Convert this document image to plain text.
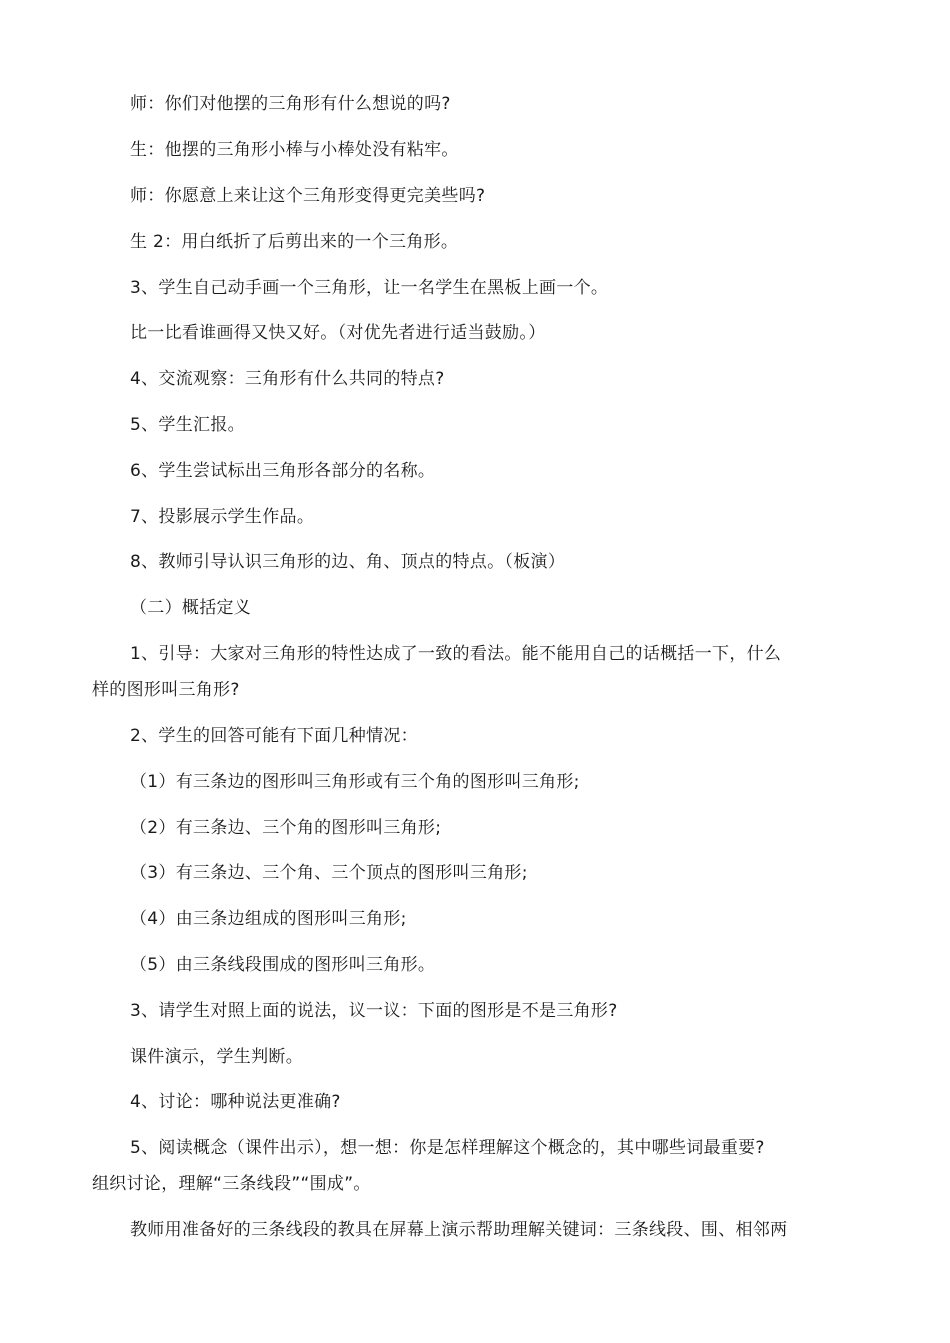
师：你们对他摆的三角形有什么想说的吗?
生：他摆的三角形小棒与小棒处没有粘牢。
师：你愿意上来让这个三角形变得更完美些吗?
生 2：用白纸折了后剪出来的一个三角形。
3、学生自己动手画一个三角形，让一名学生在黑板上画一个。
比一比看谁画得又快又好。（对优先者进行适当鼓励。）
4、交流观察：三角形有什么共同的特点?
5、学生汇报。
6、学生尝试标出三角形各部分的名称。
7、投影展示学生作品。
8、教师引导认识三角形的边、角、顶点的特点。（板演）
（二）概括定义
1、引导：大家对三角形的特性达成了一致的看法。能不能用自己的话概括一下，什么
样的图形叫三角形?
2、学生的回答可能有下面几种情况：
（1）有三条边的图形叫三角形或有三个角的图形叫三角形;
（2）有三条边、三个角的图形叫三角形;
（3）有三条边、三个角、三个顶点的图形叫三角形;
（4）由三条边组成的图形叫三角形;
（5）由三条线段围成的图形叫三角形。
3、请学生对照上面的说法，议一议：下面的图形是不是三角形?
课件演示，学生判断。
4、讨论：哪种说法更准确?
5、阅读概念（课件出示），想一想：你是怎样理解这个概念的，其中哪些词最重要?
组织讨论，理解“三条线段”“围成”。
教师用准备好的三条线段的教具在屏幕上演示帮助理解关键词：三条线段、围、相邻两
